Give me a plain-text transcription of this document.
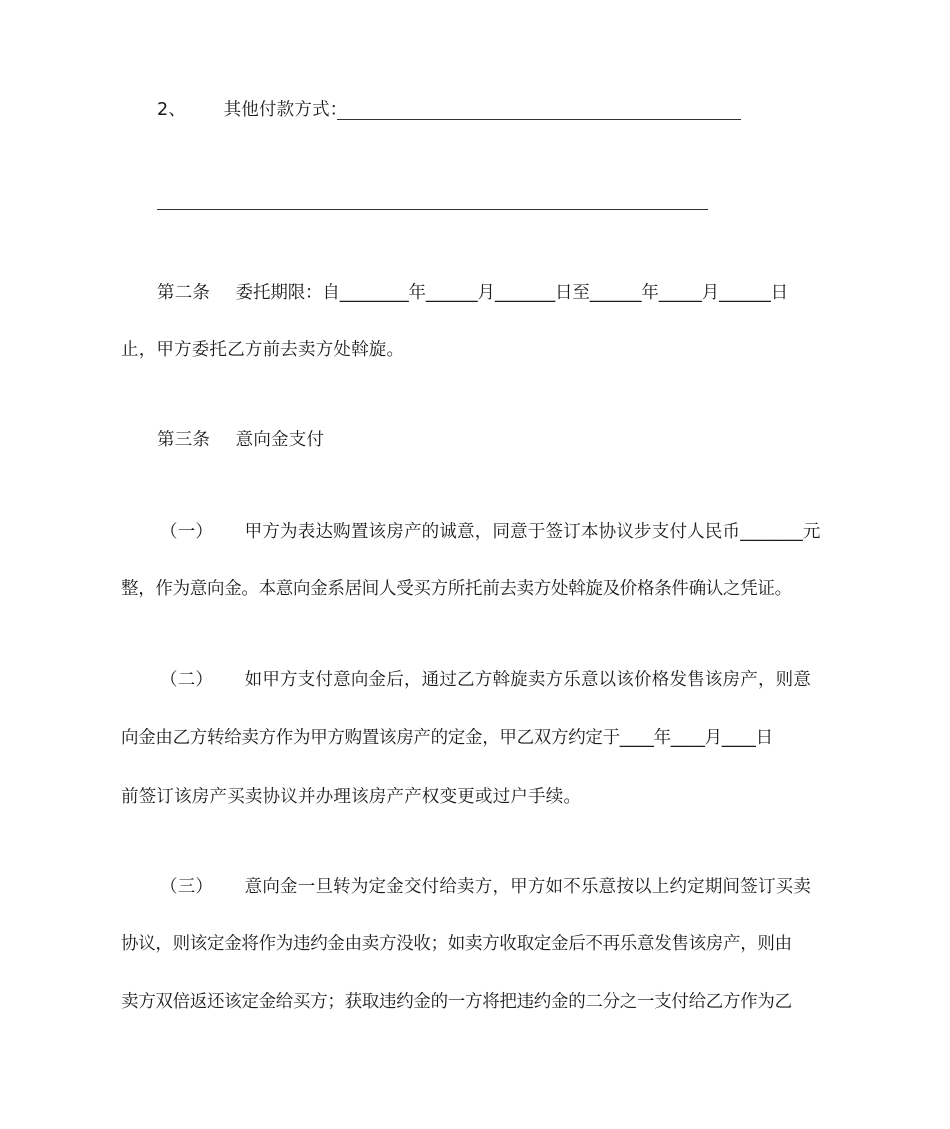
2、 其他付款方式：
第二条 委托期限：自________年______月_______日至______年_____月______日
止，甲方委托乙方前去卖方处斡旋。
第三条 意向金支付
（一） 甲方为表达购置该房产的诚意，同意于签订本协议步支付人民币_______元
整，作为意向金。本意向金系居间人受买方所托前去卖方处斡旋及价格条件确认之凭证。
（二） 如甲方支付意向金后，通过乙方斡旋卖方乐意以该价格发售该房产，则意
向金由乙方转给卖方作为甲方购置该房产的定金，甲乙双方约定于____年____月____日
前签订该房产买卖协议并办理该房产产权变更或过户手续。
（三） 意向金一旦转为定金交付给卖方，甲方如不乐意按以上约定期间签订买卖
协议，则该定金将作为违约金由卖方没收；如卖方收取定金后不再乐意发售该房产，则由
卖方双倍返还该定金给买方；获取违约金的一方将把违约金的二分之一支付给乙方作为乙
